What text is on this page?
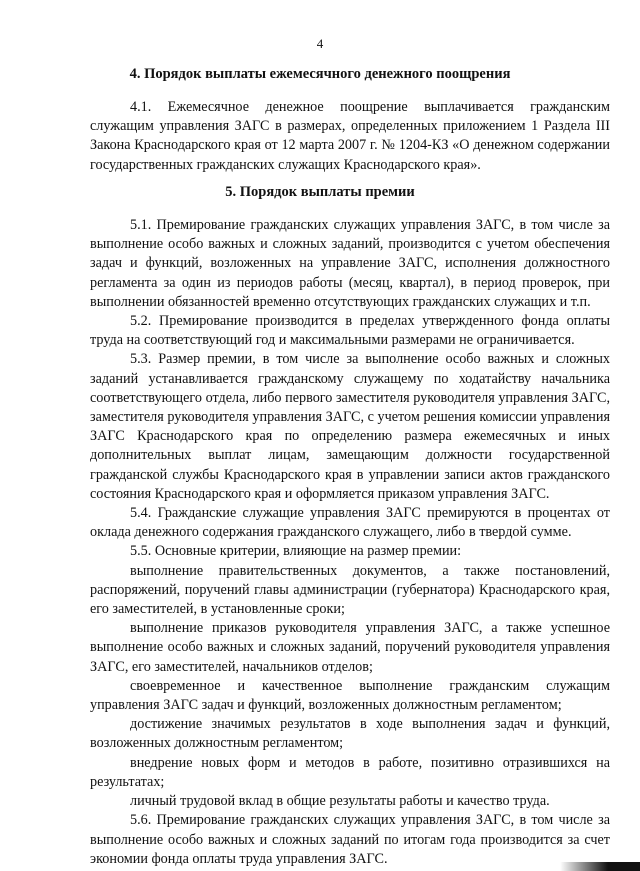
4
4. Порядок выплаты ежемесячного денежного поощрения
4.1. Ежемесячное денежное поощрение выплачивается гражданским служащим управления ЗАГС в размерах, определенных приложением 1 Раздела III Закона Краснодарского края от 12 марта 2007 г. № 1204-КЗ «О денежном содержании государственных гражданских служащих Краснодарского края».
5. Порядок выплаты премии
5.1. Премирование гражданских служащих управления ЗАГС, в том числе за выполнение особо важных и сложных заданий, производится с учетом обеспечения задач и функций, возложенных на управление ЗАГС, исполнения должностного регламента за один из периодов работы (месяц, квартал), в период проверок, при выполнении обязанностей временно отсутствующих гражданских служащих и т.п.
5.2. Премирование производится в пределах утвержденного фонда оплаты труда на соответствующий год и максимальными размерами не ограничивается.
5.3. Размер премии, в том числе за выполнение особо важных и сложных заданий устанавливается гражданскому служащему по ходатайству начальника соответствующего отдела, либо первого заместителя руководителя управления ЗАГС, заместителя руководителя управления ЗАГС, с учетом решения комиссии управления ЗАГС Краснодарского края по определению размера ежемесячных и иных дополнительных выплат лицам, замещающим должности государственной гражданской службы Краснодарского края в управлении записи актов гражданского состояния Краснодарского края и оформляется приказом управления ЗАГС.
5.4. Гражданские служащие управления ЗАГС премируются в процентах от оклада денежного содержания гражданского служащего, либо в твердой сумме.
5.5. Основные критерии, влияющие на размер премии:
выполнение правительственных документов, а также постановлений, распоряжений, поручений главы администрации (губернатора) Краснодарского края, его заместителей, в установленные сроки;
выполнение приказов руководителя управления ЗАГС, а также успешное выполнение особо важных и сложных заданий, поручений руководителя управления ЗАГС, его заместителей, начальников отделов;
своевременное и качественное выполнение гражданским служащим управления ЗАГС задач и функций, возложенных должностным регламентом;
достижение значимых результатов в ходе выполнения задач и функций, возложенных должностным регламентом;
внедрение новых форм и методов в работе, позитивно отразившихся на результатах;
личный трудовой вклад в общие результаты работы и качество труда.
5.6. Премирование гражданских служащих управления ЗАГС, в том числе за выполнение особо важных и сложных заданий по итогам года производится за счет экономии фонда оплаты труда управления ЗАГС.
